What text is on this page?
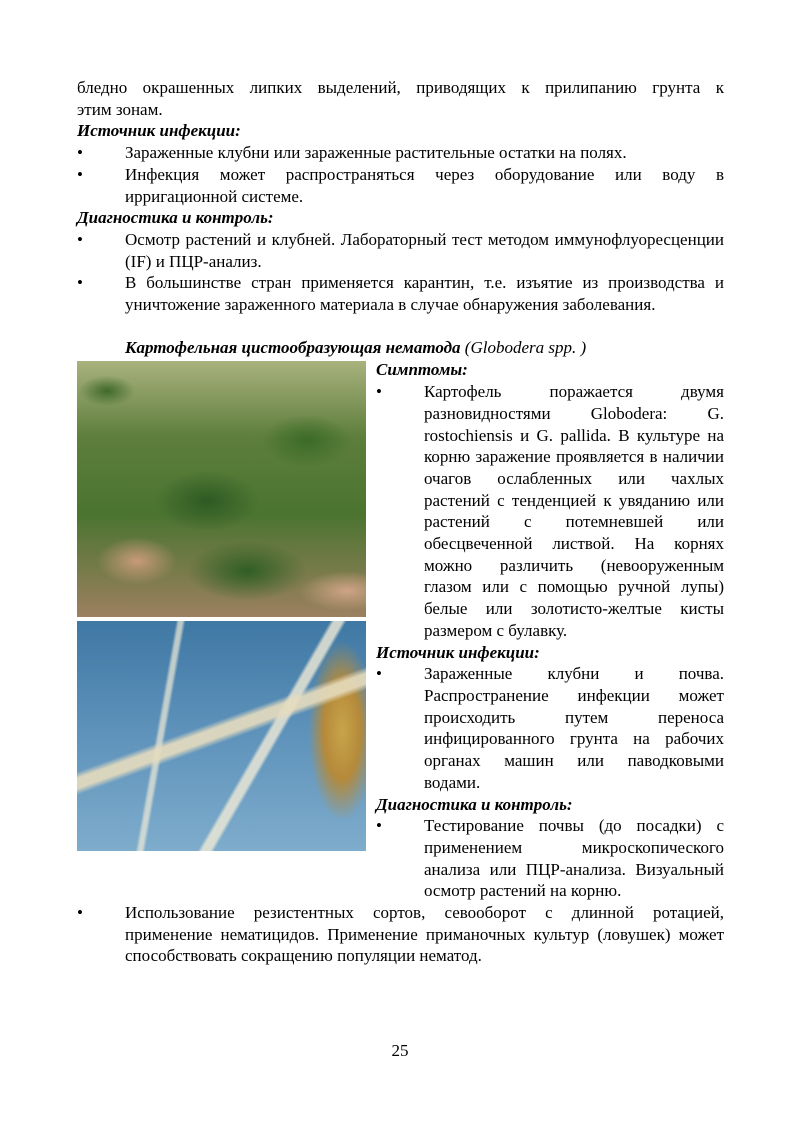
бледно окрашенных липких выделений, приводящих к прилипанию грунта к

этим зонам.

Источник инфекции:

•	Зараженные клубни или зараженные растительные остатки на полях.
•	Инфекция может распространяться через оборудование или воду в ирригационной системе.

Диагностика и контроль:

•	Осмотр растений и клубней. Лабораторный тест методом иммунофлуоресценции (IF) и ПЦР-анализ.
•	В большинстве стран применяется карантин, т.е. изъятие из производства и уничтожение зараженного материала в случае обнаружения заболевания.

Картофельная цистообразующая нематода (Globodera spp. )

Симптомы:

•	Картофель поражается двумя разновидностями Globodera: G. rostochiensis и G. pallida. В культуре на корню заражение проявляется в наличии очагов ослабленных или чахлых растений с тенденцией к увяданию или растений с потемневшей или обесцвеченной листвой. На корнях можно различить (невооруженным глазом или с помощью ручной лупы) белые или золотисто-желтые кисты размером с булавку.

Источник инфекции:

•	Зараженные клубни и почва. Распространение инфекции может происходить путем переноса инфицированного грунта на рабочих органах машин или паводковыми водами.

Диагностика и контроль:

•	Тестирование почвы (до посадки) с применением микроскопического анализа или ПЦР-анализа. Визуальный осмотр растений на корню.
•	Использование резистентных сортов, севооборот с длинной ротацией, применение нематицидов. Применение приманочных культур (ловушек) может способствовать сокращению популяции нематод.
25
